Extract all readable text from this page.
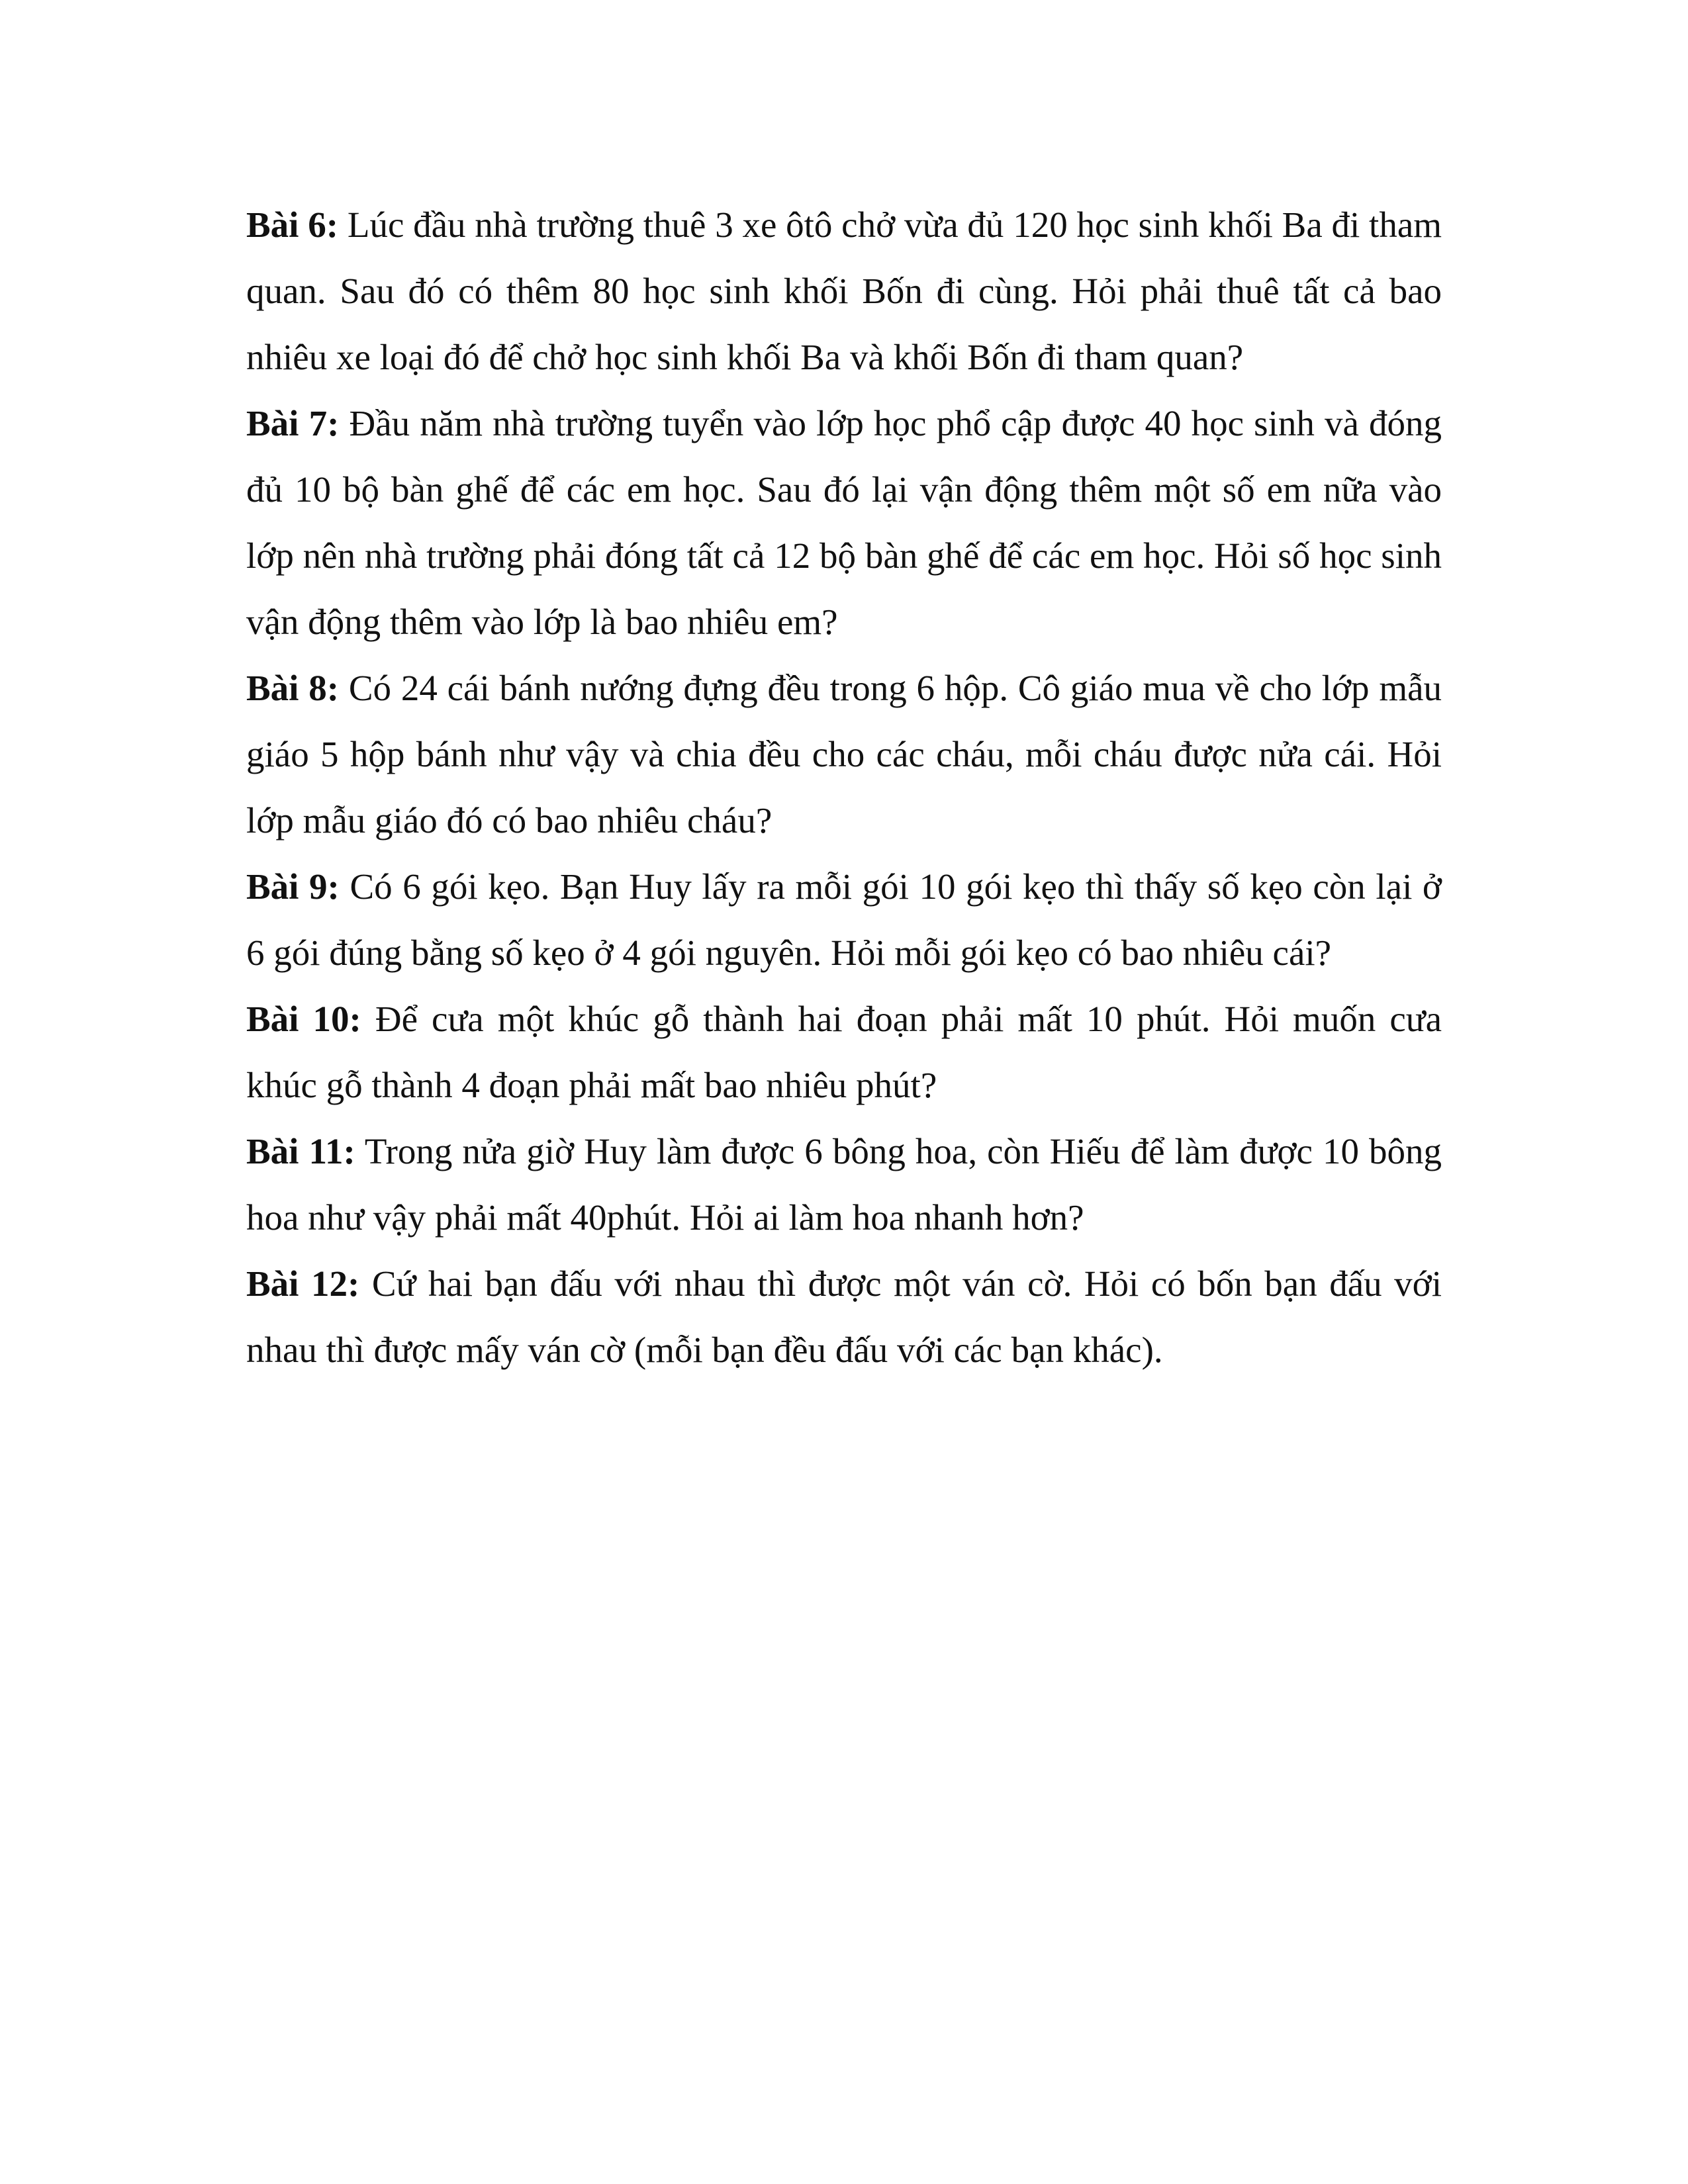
Bài 6: Lúc đầu nhà trường thuê 3 xe ôtô chở vừa đủ 120 học sinh khối Ba đi tham quan. Sau đó có thêm 80 học sinh khối Bốn đi cùng. Hỏi phải thuê tất cả bao nhiêu xe loại đó để chở học sinh khối Ba và khối Bốn đi tham quan?

Bài 7: Đầu năm nhà trường tuyển vào lớp học phổ cập được 40 học sinh và đóng đủ 10 bộ bàn ghế để các em học. Sau đó lại vận động thêm một số em nữa vào lớp nên nhà trường phải đóng tất cả 12 bộ bàn ghế để các em học. Hỏi số học sinh vận động thêm vào lớp là bao nhiêu em?

Bài 8: Có 24 cái bánh nướng đựng đều trong 6 hộp. Cô giáo mua về cho lớp mẫu giáo 5 hộp bánh như vậy và chia đều cho các cháu, mỗi cháu được nửa cái. Hỏi lớp mẫu giáo đó có bao nhiêu cháu?

Bài 9: Có 6 gói kẹo. Bạn Huy lấy ra mỗi gói 10 gói kẹo thì thấy số kẹo còn lại ở 6 gói đúng bằng số kẹo ở 4 gói nguyên. Hỏi mỗi gói kẹo có bao nhiêu cái?

Bài 10: Để cưa một khúc gỗ thành hai đoạn phải mất 10 phút. Hỏi muốn cưa khúc gỗ thành 4 đoạn phải mất bao nhiêu phút?

Bài 11: Trong nửa giờ Huy làm được 6 bông hoa, còn Hiếu để làm được 10 bông hoa như vậy phải mất 40phút. Hỏi ai làm hoa nhanh hơn?

Bài 12: Cứ hai bạn đấu với nhau thì được một ván cờ. Hỏi có bốn bạn đấu với nhau thì được mấy ván cờ (mỗi bạn đều đấu với các bạn khác).
